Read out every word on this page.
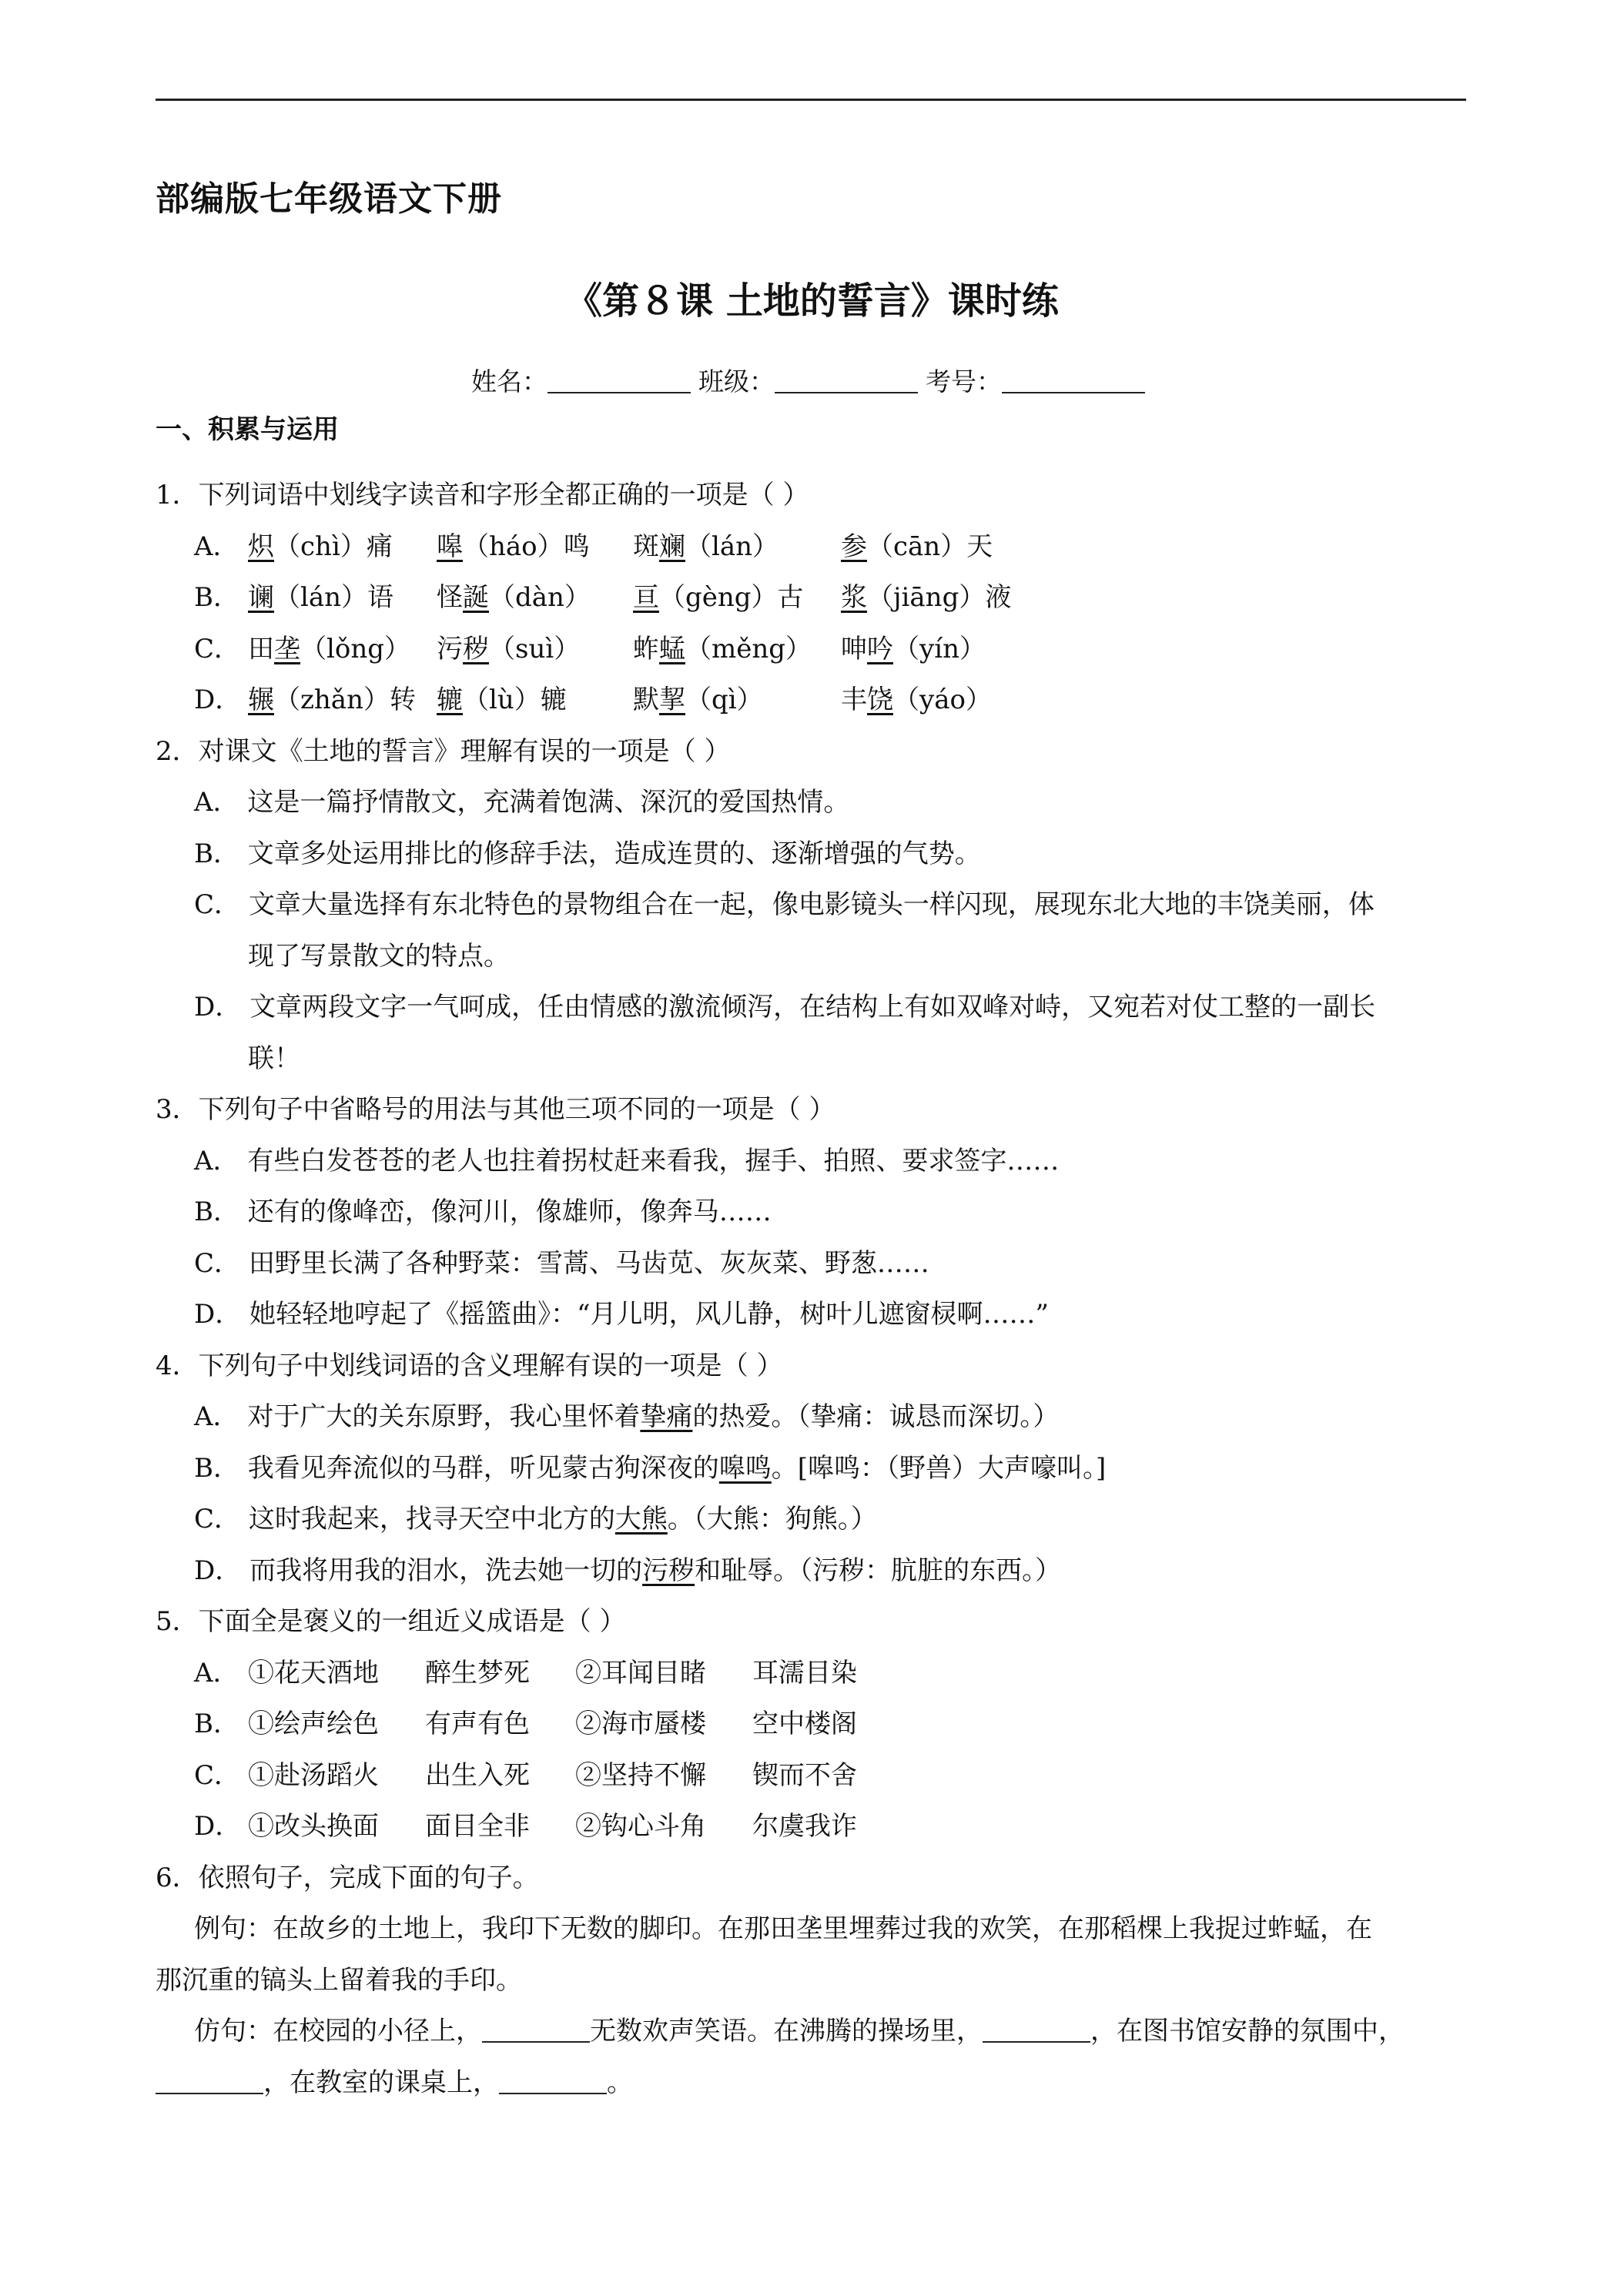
部编版七年级语文下册
《第８课 土地的誓言》课时练
姓名：	班级：	考号：
一、积累与运用
1．下列词语中划线字读音和字形全都正确的一项是（ ）
A． 炽（chì）痛 嗥（háo）鸣 斑斓（lán） 参（cān）天
B． 谰（lán）语 怪誕（dàn） 亘（gèng）古 浆（jiāng）液
C． 田垄（lǒng） 污秽（suì） 蚱蜢（měng） 呻吟（yín）
D． 辗（zhǎn）转 辘（lù）辘	默挈（qì）	丰饶（yáo）
2．对课文《土地的誓言》理解有误的一项是（ ）
A． 这是一篇抒情散文，充满着饱满、深沉的爱国热情。
B． 文章多处运用排比的修辞手法，造成连贯的、逐渐增强的气势。
C． 文章大量选择有东北特色的景物组合在一起，像电影镜头一样闪现，展现东北大地的丰饶美丽，体
现了写景散文的特点。
D． 文章两段文字一气呵成，任由情感的激流倾泻，在结构上有如双峰对峙，又宛若对仗工整的一副长
联！
3．下列句子中省略号的用法与其他三项不同的一项是（ ）
A． 有些白发苍苍的老人也拄着拐杖赶来看我，握手、拍照、要求签字……
B． 还有的像峰峦，像河川，像雄师，像奔马……
C． 田野里长满了各种野菜：雪蒿、马齿苋、灰灰菜、野葱……
D． 她轻轻地哼起了《摇篮曲》：“月儿明，风儿静，树叶儿遮窗棂啊……”
4．下列句子中划线词语的含义理解有误的一项是（ ）
A． 对于广大的关东原野，我心里怀着挚痛的热爱。（挚痛：诚恳而深切。）
B． 我看见奔流似的马群，听见蒙古狗深夜的嗥鸣。[嗥鸣：（野兽）大声嚎叫。]
C． 这时我起来，找寻天空中北方的大熊。（大熊：狗熊。）
D． 而我将用我的泪水，洗去她一切的污秽和耻辱。（污秽：肮脏的东西。）
5．下面全是褒义的一组近义成语是（ ）
A． ①花天酒地 醉生梦死 ②耳闻目睹 耳濡目染
B． ①绘声绘色 有声有色 ②海市蜃楼 空中楼阁
C． ①赴汤蹈火 出生入死 ②坚持不懈 锲而不舍
D． ①改头换面 面目全非 ②钩心斗角 尔虞我诈
6．依照句子，完成下面的句子。
例句：在故乡的土地上，我印下无数的脚印。在那田垄里埋葬过我的欢笑，在那稻棵上我捉过蚱蜢，在
那沉重的镐头上留着我的手印。
仿句：在校园的小径上，	无数欢声笑语。在沸腾的操场里，	，在图书馆安静的氛围中，
，在教室的课桌上，	。
